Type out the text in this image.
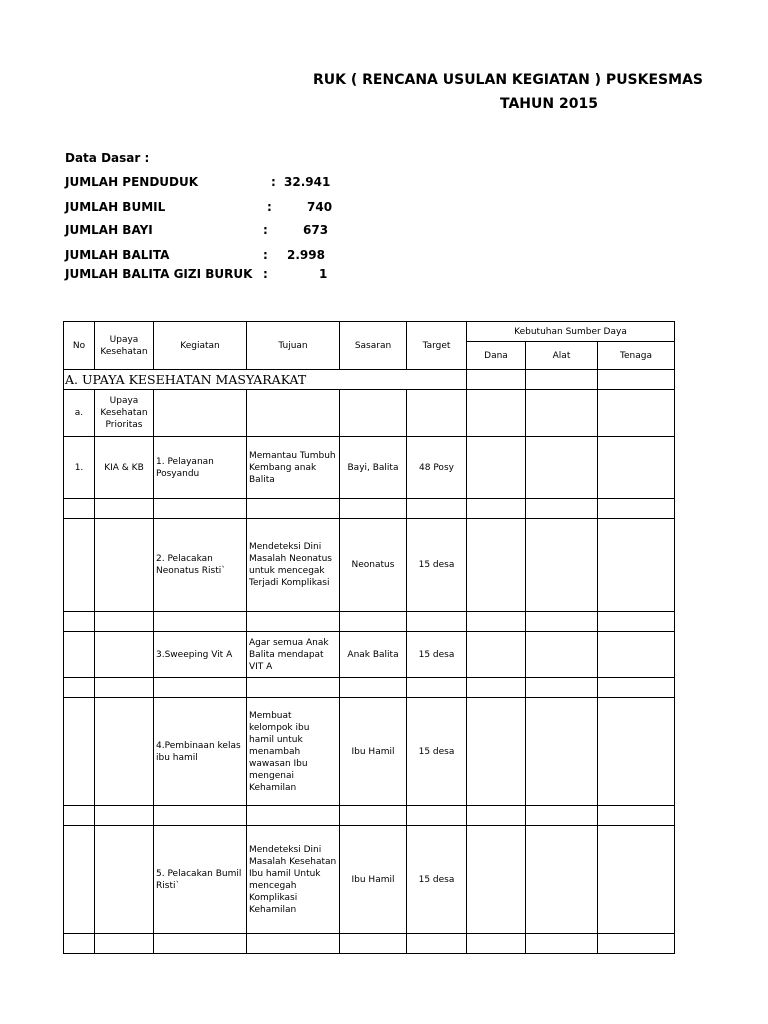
RUK ( RENCANA USULAN KEGIATAN ) PUSKESMAS
TAHUN 2015
Data Dasar :
JUMLAH PENDUDUK	: 32.941
JUMLAH BUMIL	:	740
JUMLAH BAYI	:	673
JUMLAH BALITA	: 2.998
JUMLAH BALITA GIZI BURUK :	1
No	Upaya Kesehatan	Kegiatan	Tujuan	Sasaran	Target	Kebutuhan Sumber Daya		
						Dana	Alat	Tenaga
A. UPAYA KESEHATAN MASYARAKAT								
a.	Upaya Kesehatan Prioritas							
1.	KIA & KB	1. Pelayanan Posyandu	Memantau Tumbuh Kembang anak Balita	Bayi, Balita	48 Posy			

		2. Pelacakan Neonatus Risti`	Mendeteksi Dini Masalah Neonatus untuk mencegak Terjadi Komplikasi	Neonatus	15 desa			

		3.Sweeping Vit A	Agar semua Anak Balita mendapat VIT A	Anak Balita	15 desa			

		4.Pembinaan kelas ibu hamil	Membuat kelompok ibu hamil untuk menambah wawasan Ibu mengenai Kehamilan	Ibu Hamil	15 desa			

		5. Pelacakan Bumil Risti`	Mendeteksi Dini Masalah Kesehatan Ibu hamil Untuk mencegah Komplikasi Kehamilan	Ibu Hamil	15 desa			
